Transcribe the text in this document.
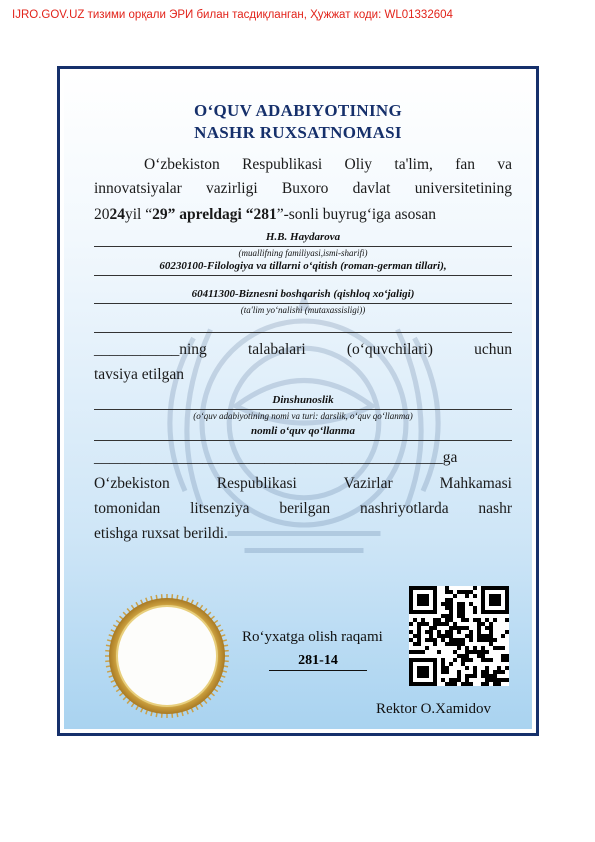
IJRO.GOV.UZ тизими орқали ЭРИ билан тасдиқланган, Ҳужжат коди: WL01332604
O‘QUV ADABIYOTINING
NASHR RUXSATNOMASI
O‘zbekiston Respublikasi Oliy ta'lim, fan va
innovatsiyalar vazirligi Buxoro davlat universitetining
2024yil “29” apreldagi “281”-sonli buyrug‘iga asosan
H.B. Haydarova
(muallifning familiyasi,ismi-sharifi)
60230100-Filologiya va tillarni o‘qitish (roman-german tillari),
60411300-Biznesni boshqarish (qishloq xo‘jaligi)
(ta'lim yo‘nalishi (mutaxassisligi))
___________ning talabalari (o‘quvchilari) uchun
tavsiya etilgan
Dinshunoslik
(o‘quv adabiyotining nomi va turi: darslik, o‘quv qo‘llanma)
nomli o‘quv qo‘llanma
_____________________________________________ga
O‘zbekiston Respublikasi Vazirlar Mahkamasi
tomonidan litsenziya berilgan nashriyotlarda nashr
etishga ruxsat berildi.
Ro‘yxatga olish raqami
281-14
Rektor O.Xamidov
